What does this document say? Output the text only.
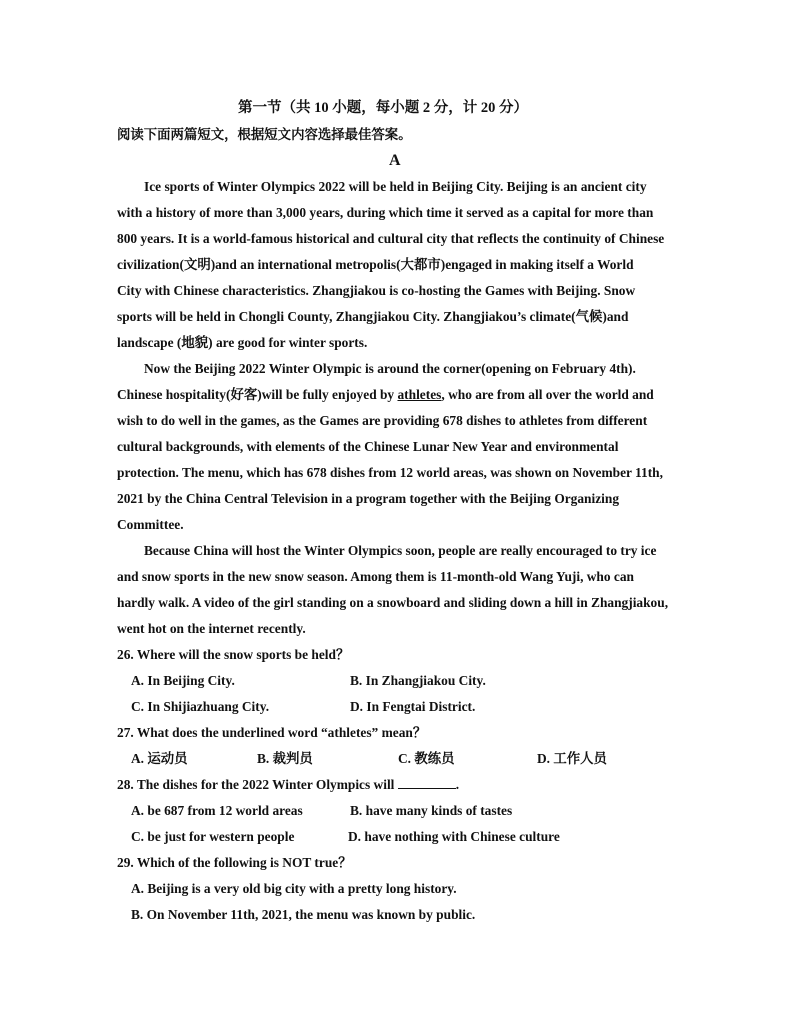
第一节（共 10 小题，每小题 2 分，计 20 分）
阅读下面两篇短文，根据短文内容选择最佳答案。
A
Ice sports of Winter Olympics 2022 will be held in Beijing City. Beijing is an ancient city
with a history of more than 3,000 years, during which time it served as a capital for more than
800 years. It is a world-famous historical and cultural city that reflects the continuity of Chinese
civilization(文明)and an international metropolis(大都市)engaged in making itself a World
City with Chinese characteristics. Zhangjiakou is co-hosting the Games with Beijing. Snow
sports will be held in Chongli County, Zhangjiakou City. Zhangjiakou’s climate(气候)and
landscape (地貌) are good for winter sports.
Now the Beijing 2022 Winter Olympic is around the corner(opening on February 4th).
Chinese hospitality(好客)will be fully enjoyed by athletes, who are from all over the world and
wish to do well in the games, as the Games are providing 678 dishes to athletes from different
cultural backgrounds, with elements of the Chinese Lunar New Year and environmental
protection. The menu, which has 678 dishes from 12 world areas, was shown on November 11th,
2021 by the China Central Television in a program together with the Beijing Organizing
Committee.
Because China will host the Winter Olympics soon, people are really encouraged to try ice
and snow sports in the new snow season. Among them is 11-month-old Wang Yuji, who can
hardly walk. A video of the girl standing on a snowboard and sliding down a hill in Zhangjiakou,
went hot on the internet recently.
26. Where will the snow sports be held？
A. In Beijing City.	B. In Zhangjiakou City.
C. In Shijiazhuang City.	D. In Fengtai District.
27. What does the underlined word “athletes” mean？
A. 运动员	B. 裁判员	C. 教练员	D. 工作人员
28. The dishes for the 2022 Winter Olympics will	.
A. be 687 from 12 world areas	B. have many kinds of tastes
C. be just for western people	D. have nothing with Chinese culture
29. Which of the following is NOT true？
A. Beijing is a very old big city with a pretty long history.
B. On November 11th, 2021, the menu was known by public.
